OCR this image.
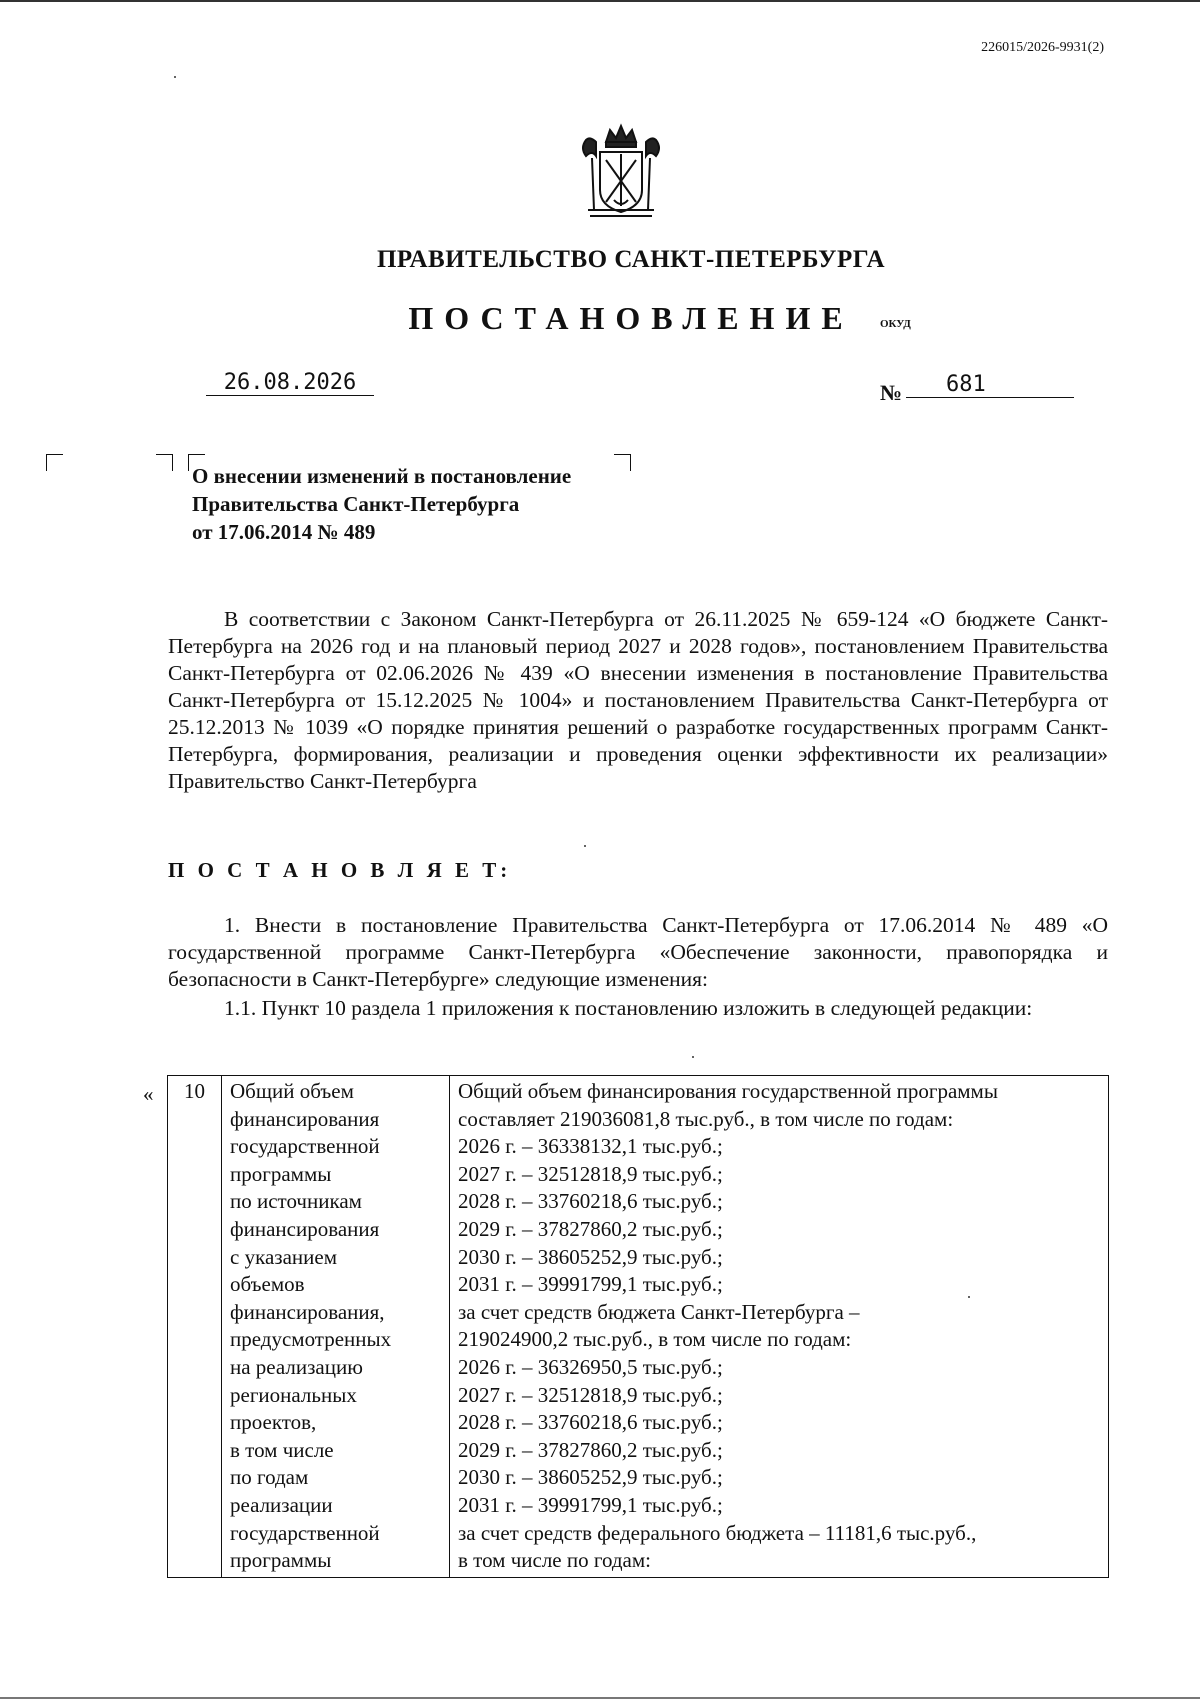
226015/2026-9931(2)
ПРАВИТЕЛЬСТВО САНКТ-ПЕТЕРБУРГА
ПОСТАНОВЛЕНИЕ	ОКУД
26.08.2026	№	681
О внесении изменений в постановление
Правительства Санкт-Петербурга
от 17.06.2014 № 489
В соответствии с Законом Санкт-Петербурга от 26.11.2025 № 659-124 «О бюджете Санкт-Петербурга на 2026 год и на плановый период 2027 и 2028 годов», постановлением Правительства Санкт-Петербурга от 02.06.2026 № 439 «О внесении изменения в постановление Правительства Санкт-Петербурга от 15.12.2025 № 1004» и постановлением Правительства Санкт-Петербурга от 25.12.2013 № 1039 «О порядке принятия решений о разработке государственных программ Санкт-Петербурга, формирования, реализации и проведения оценки эффективности их реализации» Правительство Санкт-Петербурга
П О С Т А Н О В Л Я Е Т:
1. Внести в постановление Правительства Санкт-Петербурга от 17.06.2014 № 489 «О государственной программе Санкт-Петербурга «Обеспечение законности, правопорядка и безопасности в Санкт-Петербурге» следующие изменения:
1.1. Пункт 10 раздела 1 приложения к постановлению изложить в следующей редакции:
« 10	Общий объем
финансирования
государственной
программы
по источникам
финансирования
с указанием
объемов
финансирования,
предусмотренных
на реализацию
региональных
проектов,
в том числе
по годам
реализации
государственной
программы

Общий объем финансирования государственной программы
составляет 219036081,8 тыс.руб., в том числе по годам:
2026 г. – 36338132,1 тыс.руб.;
2027 г. – 32512818,9 тыс.руб.;
2028 г. – 33760218,6 тыс.руб.;
2029 г. – 37827860,2 тыс.руб.;
2030 г. – 38605252,9 тыс.руб.;
2031 г. – 39991799,1 тыс.руб.;
за счет средств бюджета Санкт-Петербурга –
219024900,2 тыс.руб., в том числе по годам:
2026 г. – 36326950,5 тыс.руб.;
2027 г. – 32512818,9 тыс.руб.;
2028 г. – 33760218,6 тыс.руб.;
2029 г. – 37827860,2 тыс.руб.;
2030 г. – 38605252,9 тыс.руб.;
2031 г. – 39991799,1 тыс.руб.;
за счет средств федерального бюджета – 11181,6 тыс.руб.,
в том числе по годам:
